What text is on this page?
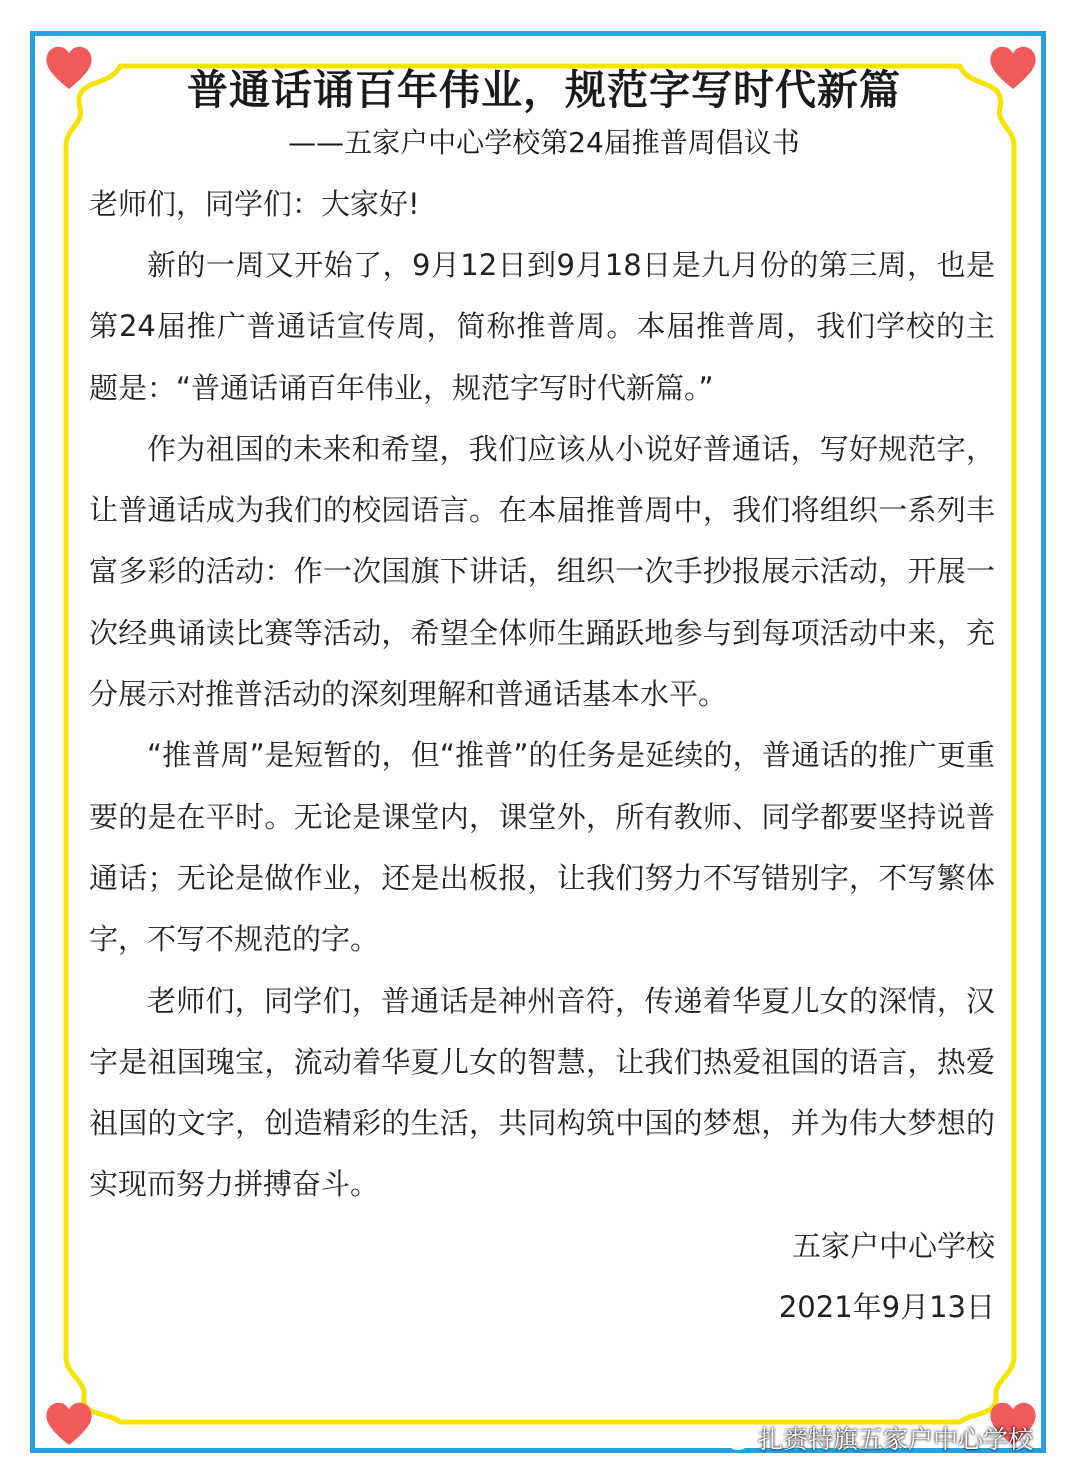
普通话诵百年伟业，规范字写时代新篇
——五家户中心学校第24届推普周倡议书

老师们，同学们：大家好!

新的一周又开始了，9月12日到9月18日是九月份的第三周，也是第24届推广普通话宣传周，简称推普周。本届推普周，我们学校的主题是：“普通话诵百年伟业，规范字写时代新篇。”

作为祖国的未来和希望，我们应该从小说好普通话，写好规范字，让普通话成为我们的校园语言。在本届推普周中，我们将组织一系列丰富多彩的活动：作一次国旗下讲话，组织一次手抄报展示活动，开展一次经典诵读比赛等活动，希望全体师生踊跃地参与到每项活动中来，充分展示对推普活动的深刻理解和普通话基本水平。

“推普周”是短暂的，但“推普”的任务是延续的，普通话的推广更重要的是在平时。无论是课堂内，课堂外，所有教师、同学都要坚持说普通话；无论是做作业，还是出板报，让我们努力不写错别字，不写繁体字，不写不规范的字。

老师们，同学们，普通话是神州音符，传递着华夏儿女的深情，汉字是祖国瑰宝，流动着华夏儿女的智慧，让我们热爱祖国的语言，热爱祖国的文字，创造精彩的生活，共同构筑中国的梦想，并为伟大梦想的实现而努力拼搏奋斗。

五家户中心学校

2021年9月13日

扎赉特旗五家户中心学校
